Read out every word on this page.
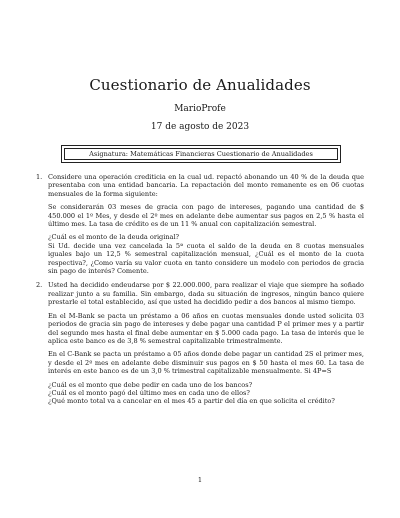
Cuestionario de Anualidades
MarioProfe
17 de agosto de 2023
Asignatura: Matemáticas Financieras Cuestionario de Anualidades
1. Considere una operación crediticia en la cual ud. repactó abonando un 40 % de la deuda que presentaba con una entidad bancaria. La repactación del monto remanente es en 06 cuotas mensuales de la forma siguiente:

Se considerarán 03 meses de gracia con pago de intereses, pagando una cantidad de $ 450.000 el 1º Mes, y desde el 2º mes en adelante debe aumentar sus pagos en 2,5 % hasta el último mes. La tasa de crédito es de un 11 % anual con capitalización semestral.

¿Cuál es el monto de la deuda original?

Si Ud. decide una vez cancelada la 5ª cuota el saldo de la deuda en 8 cuotas mensuales iguales bajo un 12,5 % semestral capitalización mensual, ¿Cuál es el monto de la cuota respectiva?, ¿Como varía su valor cuota en tanto considere un modelo con periodos de gracia sin pago de interés? Comente.

2. Usted ha decidido endeudarse por $ 22.000.000, para realizar el viaje que siempre ha soñado realizar junto a su familia. Sin embargo, dada su situación de ingresos, ningún banco quiere prestarle el total establecido, así que usted ha decidido pedir a dos bancos al mismo tiempo.

En el M-Bank se pacta un préstamo a 06 años en cuotas mensuales donde usted solicita 03 periodos de gracia sin pago de intereses y debe pagar una cantidad P el primer mes y a partir del segundo mes hasta el final debe aumentar en $ 5.000 cada pago. La tasa de interés que le aplica este banco es de 3,8 % semestral capitalizable trimestralmente.

En el C-Bank se pacta un préstamo a 05 años donde debe pagar un cantidad 2S el primer mes, y desde el 2º mes en adelante debe disminuir sus pagos en $ 50 hasta el mes 60. La tasa de interés en este banco es de un 3,0 % trimestral capitalizable mensualmente. Si 4P=S

¿Cuál es el monto que debe pedir en cada uno de los bancos?

¿Cuál es el monto pagó del último mes en cada uno de ellos?

¿Qué monto total va a cancelar en el mes 45 a partir del día en que solicita el crédito?

1
